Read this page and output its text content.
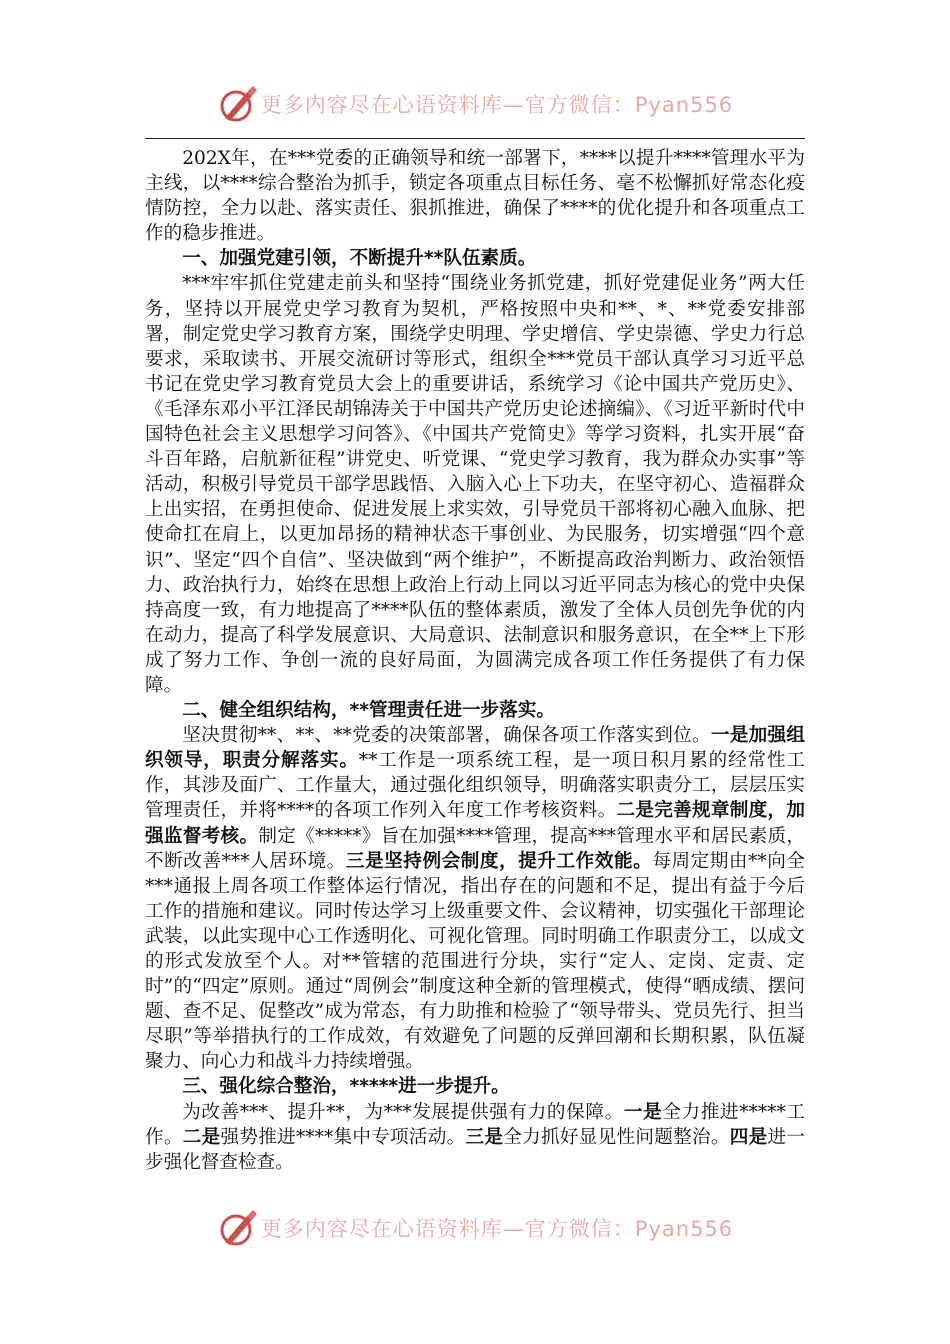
更多内容尽在心语资料库—官方微信：Pyan556

202X年，在***党委的正确领导和统一部署下，****以提升****管理水平为主线，以****综合整治为抓手，锁定各项重点目标任务、毫不松懈抓好常态化疫情防控，全力以赴、落实责任、狠抓推进，确保了****的优化提升和各项重点工作的稳步推进。

一、加强党建引领，不断提升**队伍素质。

***牢牢抓住党建走前头和坚持“围绕业务抓党建，抓好党建促业务”两大任务，坚持以开展党史学习教育为契机，严格按照中央和**、*、**党委安排部署，制定党史学习教育方案，围绕学史明理、学史增信、学史崇德、学史力行总要求，采取读书、开展交流研讨等形式，组织全***党员干部认真学习习近平总书记在党史学习教育党员大会上的重要讲话，系统学习《论中国共产党历史》、《毛泽东邓小平江泽民胡锦涛关于中国共产党历史论述摘编》、《习近平新时代中国特色社会主义思想学习问答》、《中国共产党简史》等学习资料，扎实开展“奋斗百年路，启航新征程”讲党史、听党课、“党史学习教育，我为群众办实事”等活动，积极引导党员干部学思践悟、入脑入心上下功夫，在坚守初心、造福群众上出实招，在勇担使命、促进发展上求实效，引导党员干部将初心融入血脉、把使命扛在肩上，以更加昂扬的精神状态干事创业、为民服务，切实增强“四个意识”、坚定“四个自信”、坚决做到“两个维护”，不断提高政治判断力、政治领悟力、政治执行力，始终在思想上政治上行动上同以习近平同志为核心的党中央保持高度一致，有力地提高了****队伍的整体素质，激发了全体人员创先争优的内在动力，提高了科学发展意识、大局意识、法制意识和服务意识，在全**上下形成了努力工作、争创一流的良好局面，为圆满完成各项工作任务提供了有力保障。

二、健全组织结构，**管理责任进一步落实。

坚决贯彻**、**、**党委的决策部署，确保各项工作落实到位。一是加强组织领导，职责分解落实。**工作是一项系统工程，是一项日积月累的经常性工作，其涉及面广、工作量大，通过强化组织领导，明确落实职责分工，层层压实管理责任，并将****的各项工作列入年度工作考核资料。二是完善规章制度，加强监督考核。制定《*****》旨在加强****管理，提高***管理水平和居民素质，不断改善***人居环境。三是坚持例会制度，提升工作效能。每周定期由**向全***通报上周各项工作整体运行情况，指出存在的问题和不足，提出有益于今后工作的措施和建议。同时传达学习上级重要文件、会议精神，切实强化干部理论武装，以此实现中心工作透明化、可视化管理。同时明确工作职责分工，以成文的形式发放至个人。对**管辖的范围进行分块，实行“定人、定岗、定责、定时”的“四定”原则。通过“周例会”制度这种全新的管理模式，使得“晒成绩、摆问题、查不足、促整改”成为常态，有力助推和检验了“领导带头、党员先行、担当尽职”等举措执行的工作成效，有效避免了问题的反弹回潮和长期积累，队伍凝聚力、向心力和战斗力持续增强。

三、强化综合整治，*****进一步提升。

为改善***、提升**，为***发展提供强有力的保障。一是全力推进*****工作。二是强势推进****集中专项活动。三是全力抓好显见性问题整治。四是进一步强化督查检查。

更多内容尽在心语资料库—官方微信：Pyan556
